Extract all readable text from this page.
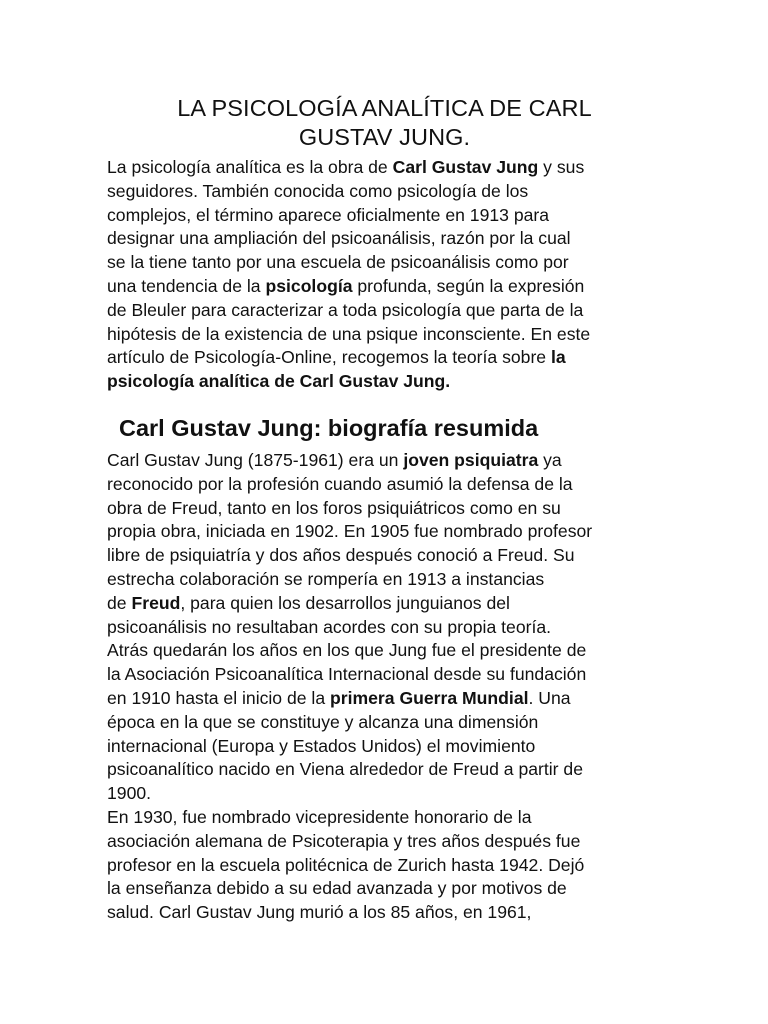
LA PSICOLOGÍA ANALÍTICA DE CARL
GUSTAV JUNG.

La psicología analítica es la obra de Carl Gustav Jung y sus
seguidores. También conocida como psicología de los
complejos, el término aparece oficialmente en 1913 para
designar una ampliación del psicoanálisis, razón por la cual
se la tiene tanto por una escuela de psicoanálisis como por
una tendencia de la psicología profunda, según la expresión
de Bleuler para caracterizar a toda psicología que parta de la
hipótesis de la existencia de una psique inconsciente. En este
artículo de Psicología-Online, recogemos la teoría sobre la
psicología analítica de Carl Gustav Jung.

Carl Gustav Jung: biografía resumida

Carl Gustav Jung (1875-1961) era un joven psiquiatra ya
reconocido por la profesión cuando asumió la defensa de la
obra de Freud, tanto en los foros psiquiátricos como en su
propia obra, iniciada en 1902. En 1905 fue nombrado profesor
libre de psiquiatría y dos años después conoció a Freud. Su
estrecha colaboración se rompería en 1913 a instancias
de Freud, para quien los desarrollos junguianos del
psicoanálisis no resultaban acordes con su propia teoría.
Atrás quedarán los años en los que Jung fue el presidente de
la Asociación Psicoanalítica Internacional desde su fundación
en 1910 hasta el inicio de la primera Guerra Mundial. Una
época en la que se constituye y alcanza una dimensión
internacional (Europa y Estados Unidos) el movimiento
psicoanalítico nacido en Viena alrededor de Freud a partir de
1900.
En 1930, fue nombrado vicepresidente honorario de la
asociación alemana de Psicoterapia y tres años después fue
profesor en la escuela politécnica de Zurich hasta 1942. Dejó
la enseñanza debido a su edad avanzada y por motivos de
salud. Carl Gustav Jung murió a los 85 años, en 1961,
